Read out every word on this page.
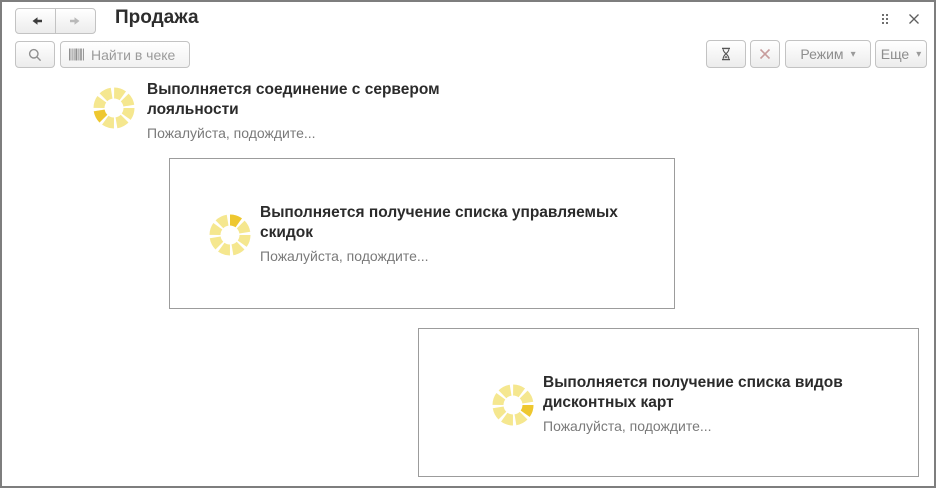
Продажа
Найти в чеке	Режим ▾ Еще ▾
Выполняется соединение с сервером лояльности
Пожалуйста, подождите...
Выполняется получение списка управляемых скидок
Пожалуйста, подождите...
Выполняется получение списка видов дисконтных карт
Пожалуйста, подождите...
